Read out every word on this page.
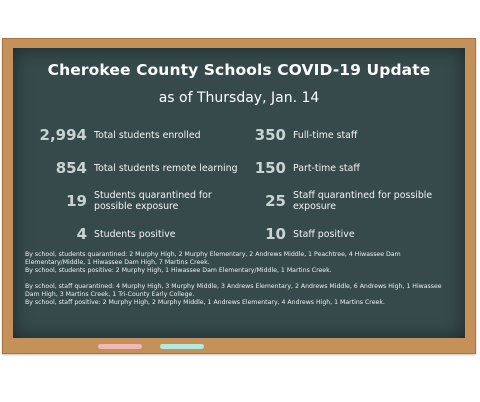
Cherokee County Schools COVID-19 Update
as of Thursday, Jan. 14
2,994 Total students enrolled
854 Total students remote learning
19 Students quarantined for possible exposure
4 Students positive
350 Full-time staff
150 Part-time staff
25 Staff quarantined for possible exposure
10 Staff positive

By school, students quarantined: 2 Murphy High, 2 Murphy Elementary, 2 Andrews Middle, 1 Peachtree, 4 Hiwassee Dam Elementary/Middle, 1 Hiwassee Dam High, 7 Martins Creek.

By school, students positive: 2 Murphy High, 1 Hiwassee Dam Elementary/Middle, 1 Martins Creek.

By school, staff quarantined: 4 Murphy High, 3 Murphy Middle, 3 Andrews Elementary, 2 Andrews Middle, 6 Andrews High, 1 Hiwassee Dam High, 3 Martins Creek, 1 Tri-County Early College.

By school, staff positive: 2 Murphy High, 2 Murphy Middle, 1 Andrews Elementary, 4 Andrews High, 1 Martins Creek.
